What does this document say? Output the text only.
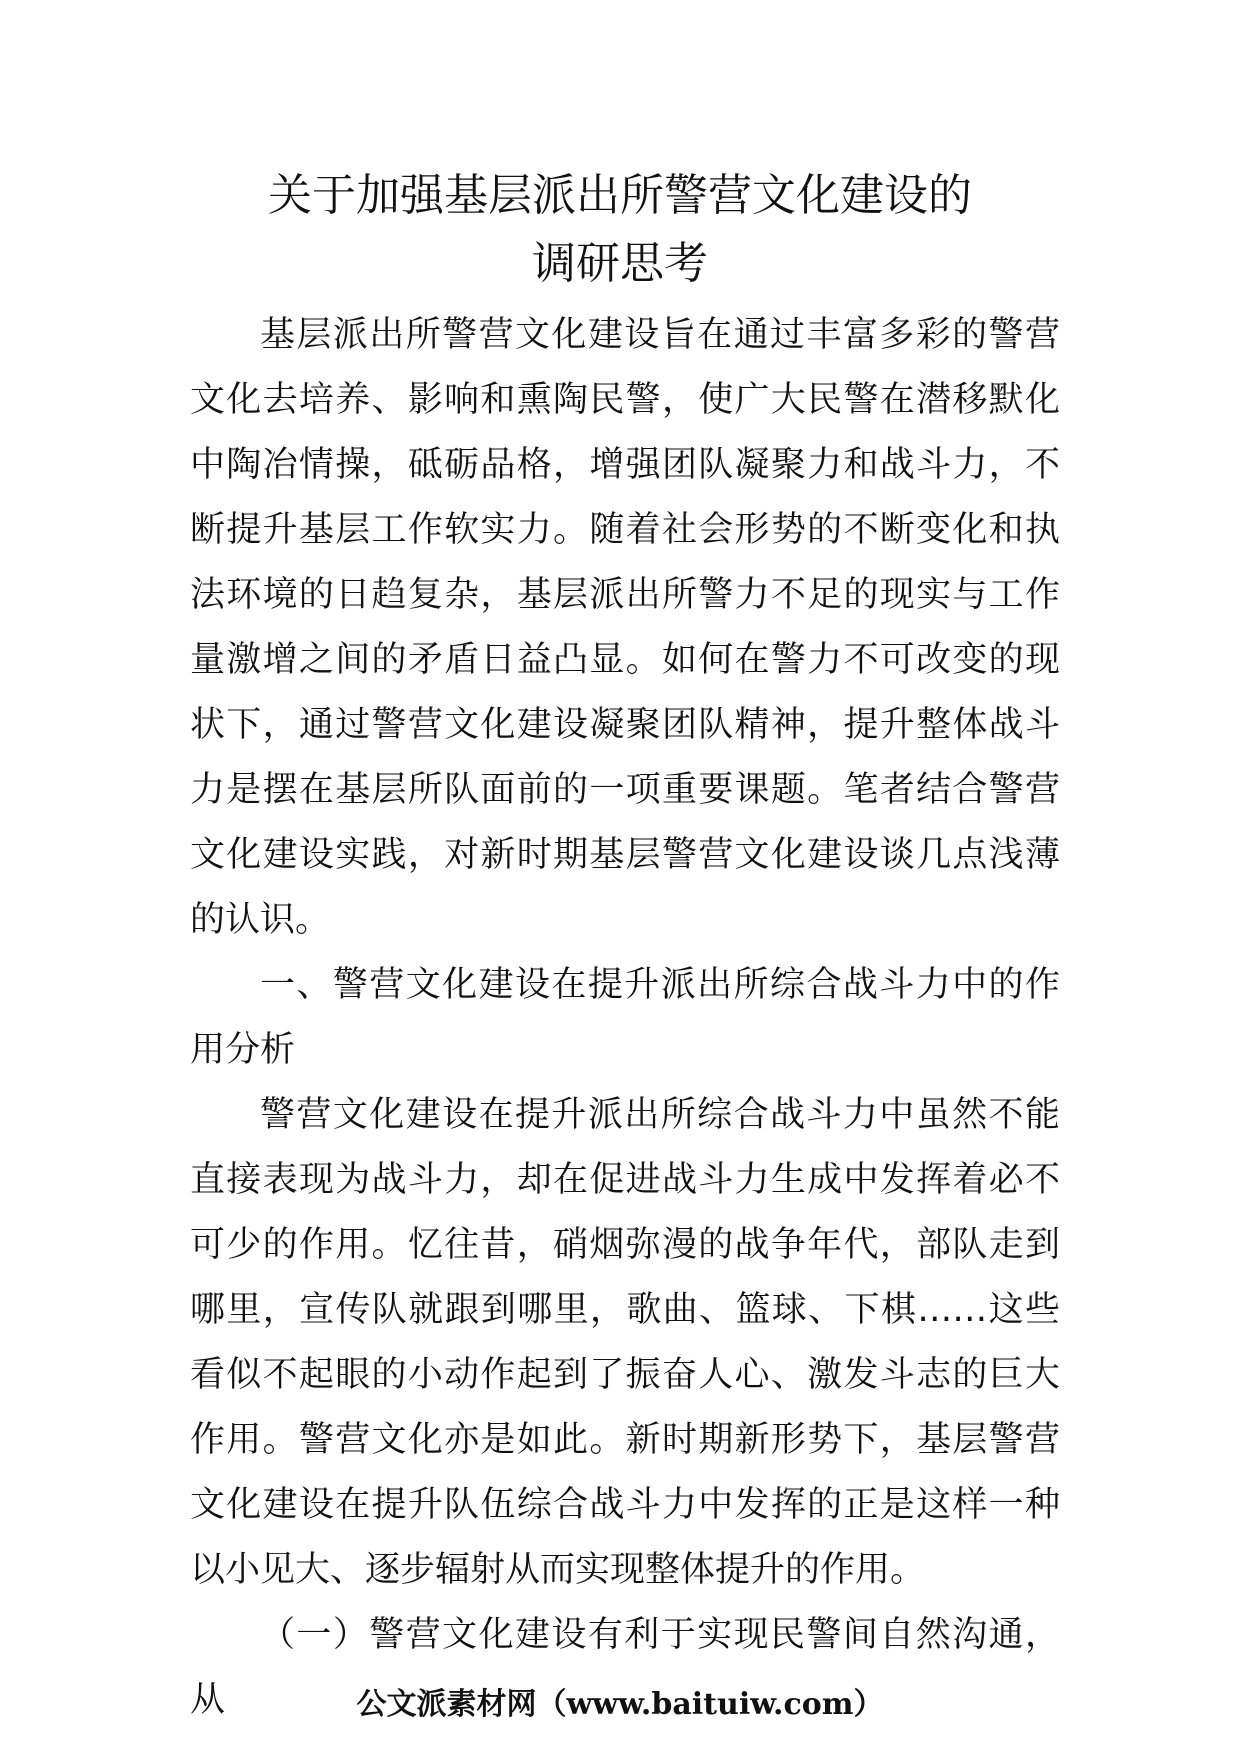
关于加强基层派出所警营文化建设的
调研思考

基层派出所警营文化建设旨在通过丰富多彩的警营文化去培养、影响和熏陶民警，使广大民警在潜移默化中陶冶情操，砥砺品格，增强团队凝聚力和战斗力，不断提升基层工作软实力。随着社会形势的不断变化和执法环境的日趋复杂，基层派出所警力不足的现实与工作量激增之间的矛盾日益凸显。如何在警力不可改变的现状下，通过警营文化建设凝聚团队精神，提升整体战斗力是摆在基层所队面前的一项重要课题。笔者结合警营文化建设实践，对新时期基层警营文化建设谈几点浅薄的认识。

一、警营文化建设在提升派出所综合战斗力中的作用分析

警营文化建设在提升派出所综合战斗力中虽然不能直接表现为战斗力，却在促进战斗力生成中发挥着必不可少的作用。忆往昔，硝烟弥漫的战争年代，部队走到哪里，宣传队就跟到哪里，歌曲、篮球、下棋……这些看似不起眼的小动作起到了振奋人心、激发斗志的巨大作用。警营文化亦是如此。新时期新形势下，基层警营文化建设在提升队伍综合战斗力中发挥的正是这样一种以小见大、逐步辐射从而实现整体提升的作用。

（一）警营文化建设有利于实现民警间自然沟通，从	公文派素材网（www.baituiw.com）
